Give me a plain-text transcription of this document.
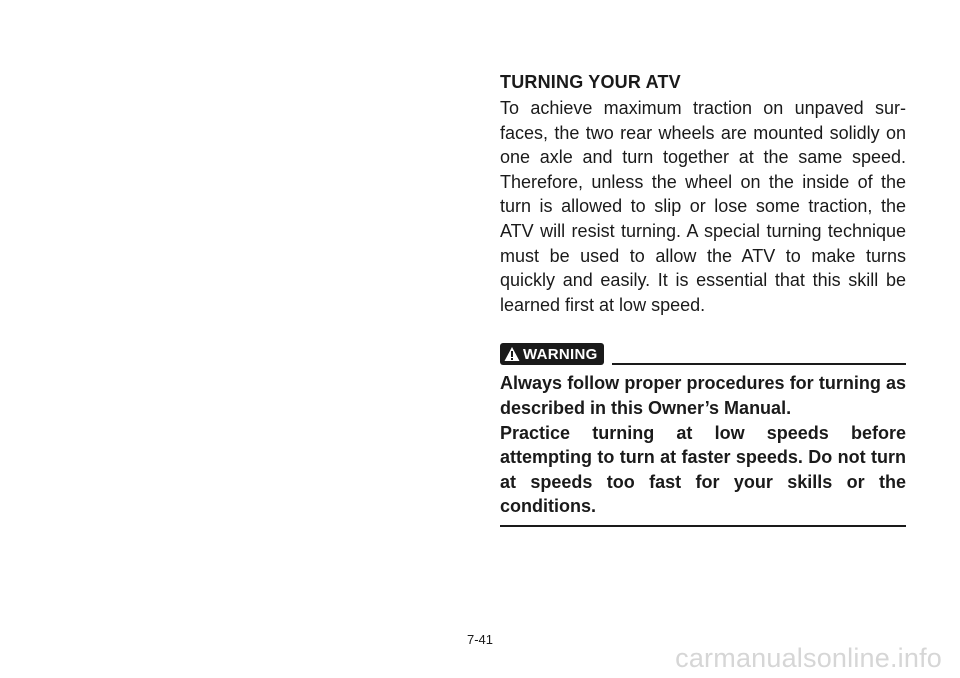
TURNING YOUR ATV

To achieve maximum traction on unpaved sur-faces, the two rear wheels are mounted solidly on one axle and turn together at the same speed. Therefore, unless the wheel on the inside of the turn is allowed to slip or lose some traction, the ATV will resist turning. A special turning technique must be used to allow the ATV to make turns quickly and easily. It is essential that this skill be learned first at low speed.

WARNING

Always follow proper procedures for turning as described in this Owner’s Manual.

Practice turning at low speeds before attempting to turn at faster speeds. Do not turn at speeds too fast for your skills or the conditions.

7-41
carmanualsonline.info
